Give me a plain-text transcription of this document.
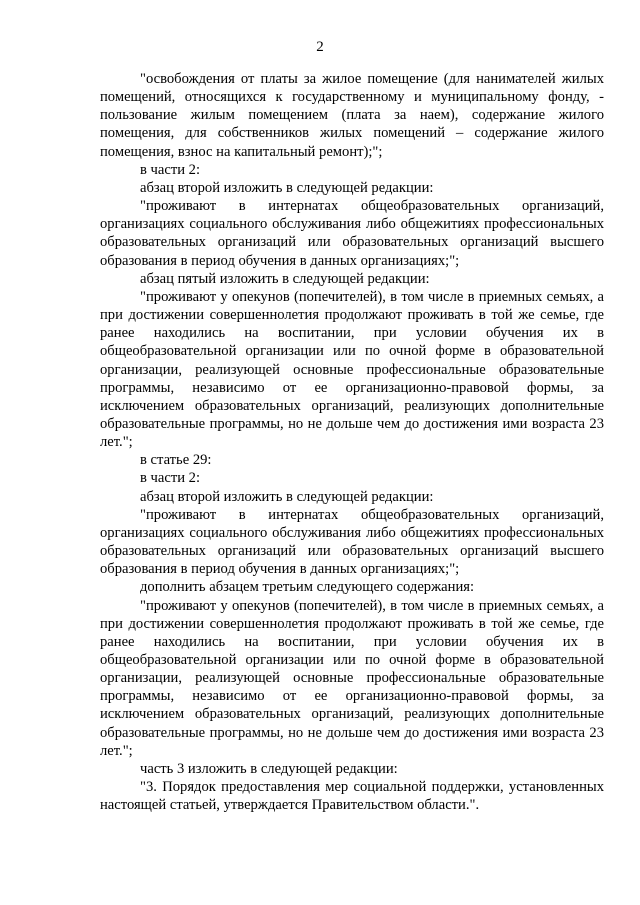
2

"освобождения от платы за жилое помещение (для нанимателей жилых помещений, относящихся к государственному и муниципальному фонду, - пользование жилым помещением (плата за наем), содержание жилого помещения, для собственников жилых помещений – содержание жилого помещения, взнос на капитальный ремонт);";

в части 2:

абзац второй изложить в следующей редакции:

"проживают в интернатах общеобразовательных организаций, организациях социального обслуживания либо общежитиях профессиональных образовательных организаций или образовательных организаций высшего образования в период обучения в данных организациях;";

абзац пятый изложить в следующей редакции:

"проживают у опекунов (попечителей), в том числе в приемных семьях, а при достижении совершеннолетия продолжают проживать в той же семье, где ранее находились на воспитании, при условии обучения их в общеобразовательной организации или по очной форме в образовательной организации, реализующей основные профессиональные образовательные программы, независимо от ее организационно-правовой формы, за исключением образовательных организаций, реализующих дополнительные образовательные программы, но не дольше чем до достижения ими возраста 23 лет.";

в статье 29:

в части 2:

абзац второй изложить в следующей редакции:

"проживают в интернатах общеобразовательных организаций, организациях социального обслуживания либо общежитиях профессиональных образовательных организаций или образовательных организаций высшего образования в период обучения в данных организациях;";

дополнить абзацем третьим следующего содержания:

"проживают у опекунов (попечителей), в том числе в приемных семьях, а при достижении совершеннолетия продолжают проживать в той же семье, где ранее находились на воспитании, при условии обучения их в общеобразовательной организации или по очной форме в образовательной организации, реализующей основные профессиональные образовательные программы, независимо от ее организационно-правовой формы, за исключением образовательных организаций, реализующих дополнительные образовательные программы, но не дольше чем до достижения ими возраста 23 лет.";

часть 3 изложить в следующей редакции:

"3. Порядок предоставления мер социальной поддержки, установленных настоящей статьей, утверждается Правительством области.".
